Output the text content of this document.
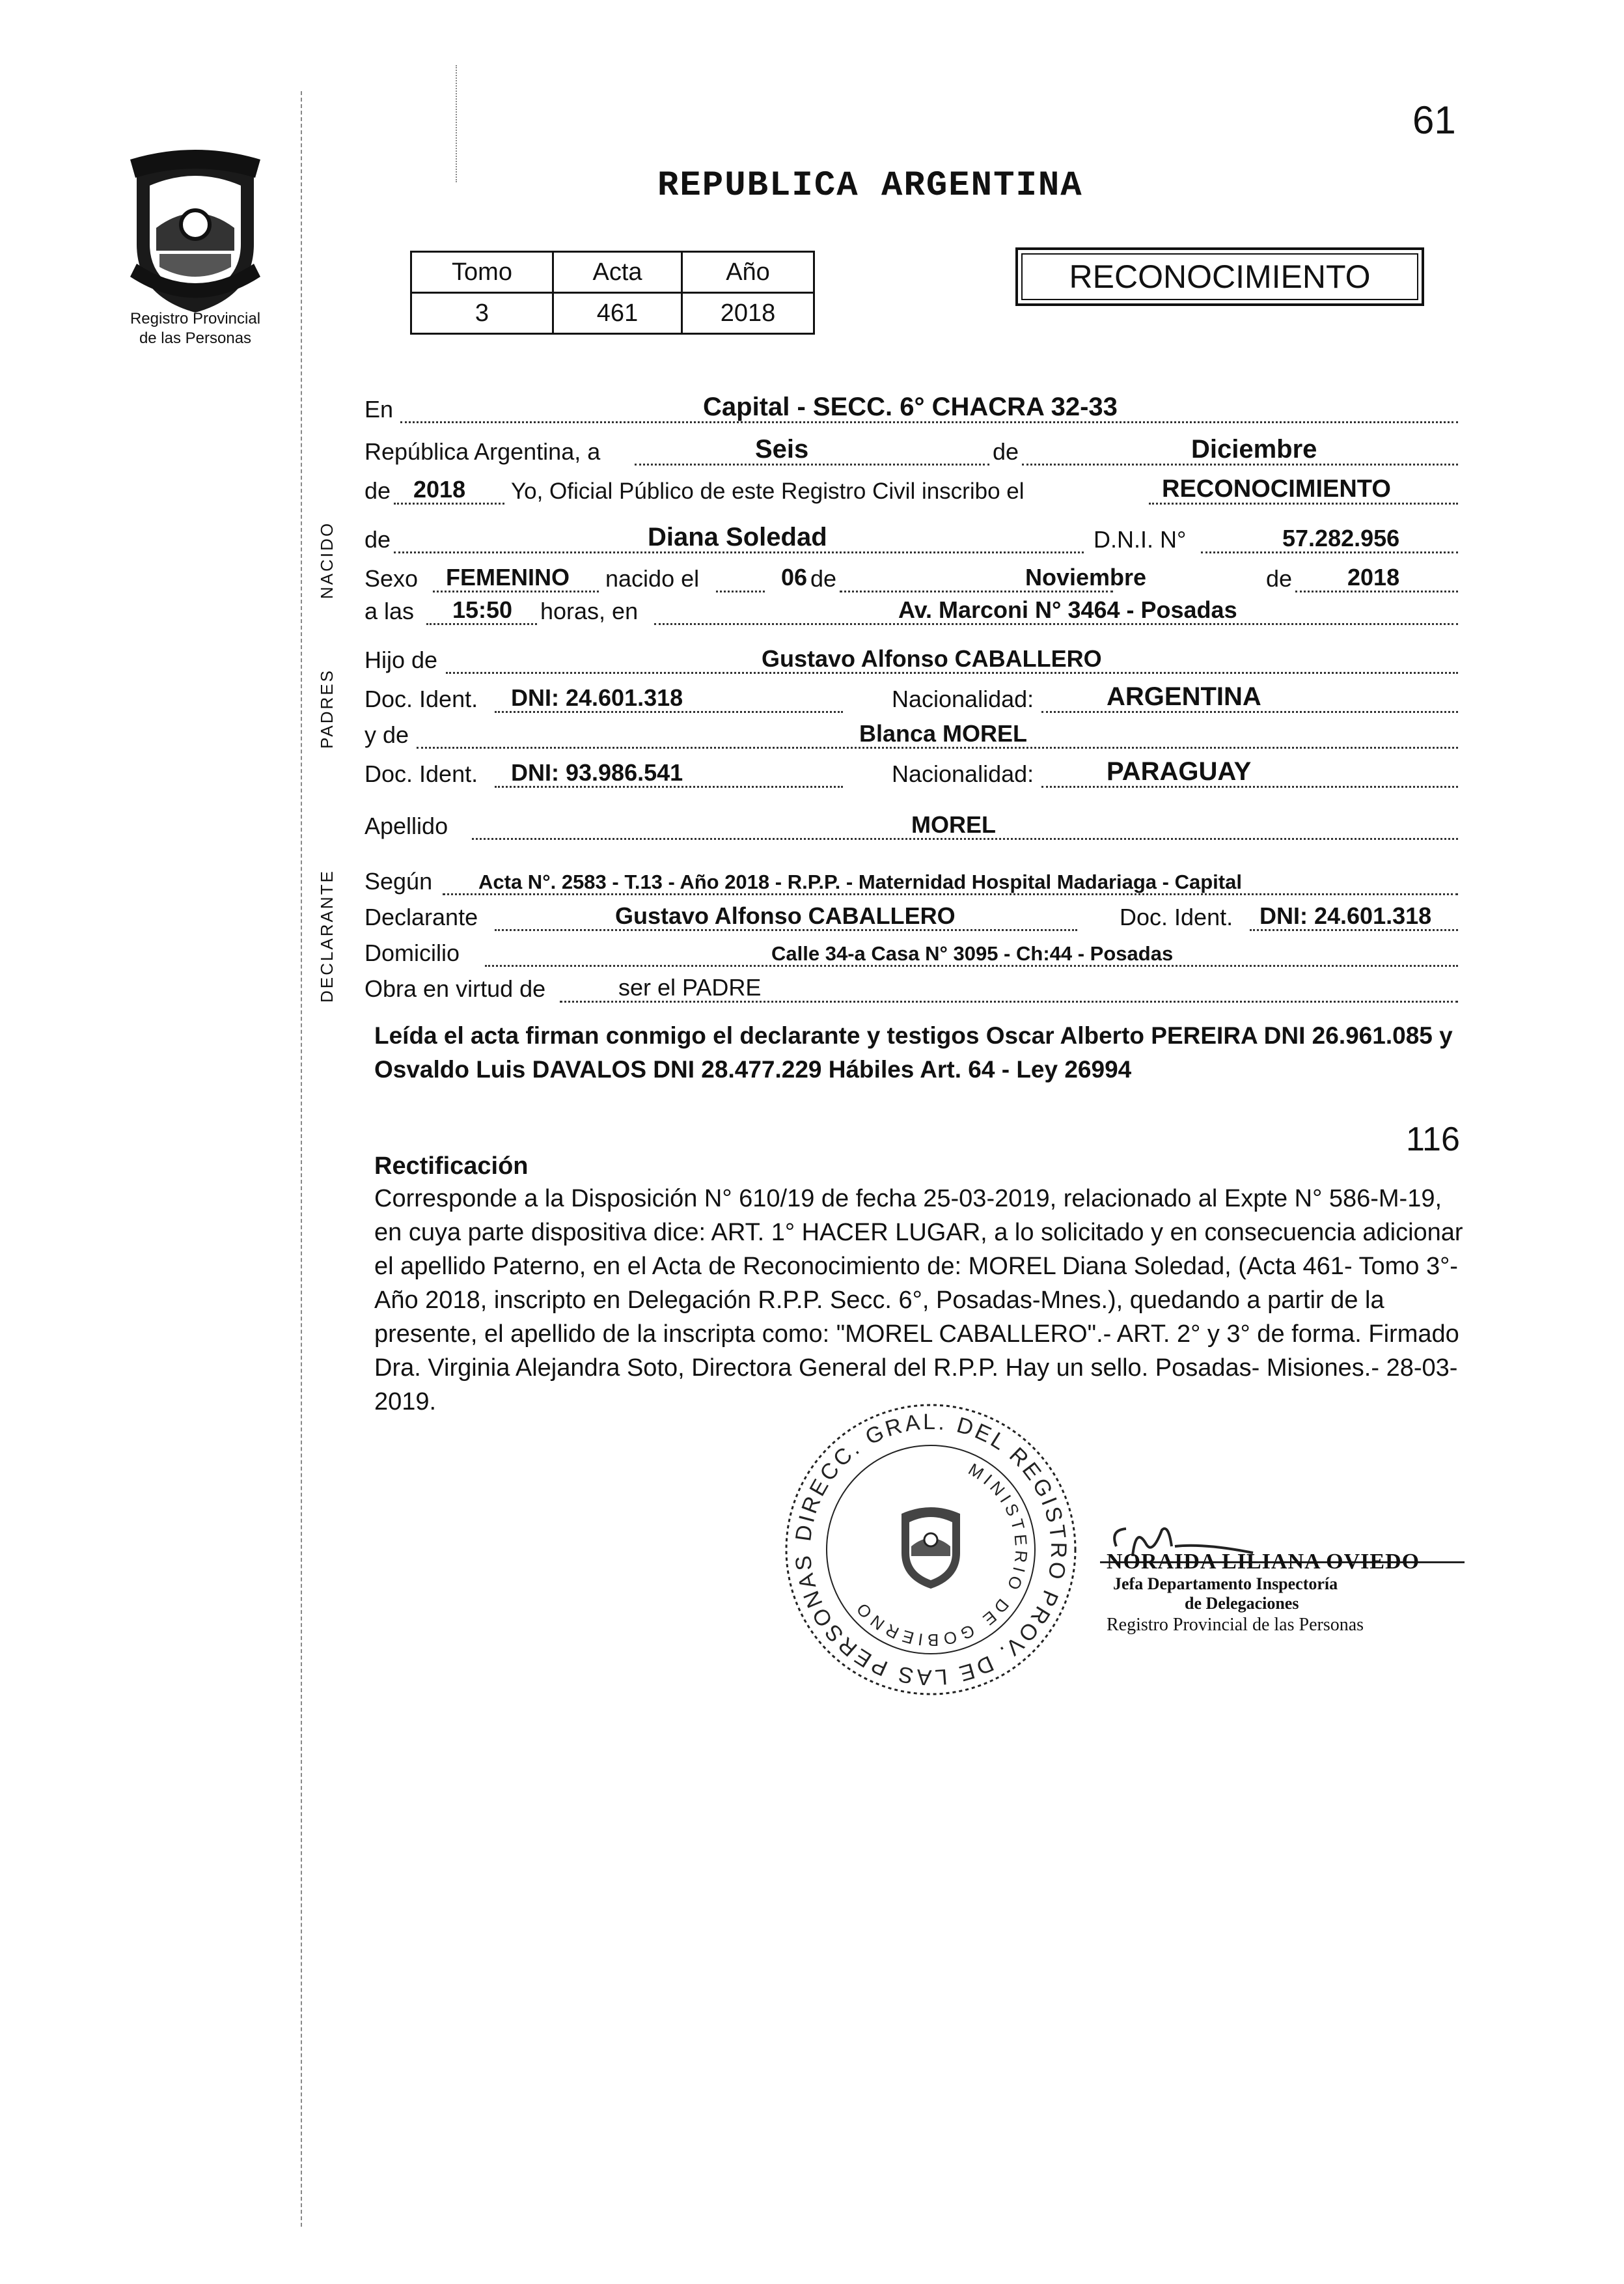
Registro Provincial
de las Personas
61
REPUBLICA ARGENTINA
Tomo	Acta	Año
3	461	2018
RECONOCIMIENTO
NACIDO
PADRES
DECLARANTE
En	Capital - SECC. 6° CHACRA 32-33
República Argentina, a	Seis	de	Diciembre
de 2018 Yo, Oficial Público de este Registro Civil inscribo el	RECONOCIMIENTO
de	Diana Soledad	D.N.I. N°	57.282.956
Sexo FEMENINO nacido el	06 de	Noviembre	de 2018
a las 15:50 horas, en	Av. Marconi N° 3464 - Posadas
Hijo de	Gustavo Alfonso CABALLERO
Doc. Ident. DNI: 24.601.318	Nacionalidad:	ARGENTINA
y de	Blanca MOREL
Doc. Ident. DNI: 93.986.541	Nacionalidad:	PARAGUAY
Apellido	MOREL
Según Acta N°. 2583 - T.13 - Año 2018 - R.P.P. - Maternidad Hospital Madariaga - Capital
Declarante	Gustavo Alfonso CABALLERO	Doc. Ident. DNI: 24.601.318
Domicilio	Calle 34-a Casa N° 3095 - Ch:44 - Posadas
Obra en virtud de	ser el PADRE
Leída el acta firman conmigo el declarante y testigos Oscar Alberto PEREIRA DNI 26.961.085 y Osvaldo Luis DAVALOS DNI 28.477.229 Hábiles Art. 64 - Ley 26994
116
Rectificación
Corresponde a la Disposición N° 610/19 de fecha 25-03-2019, relacionado al Expte N° 586-M-19, en cuya parte dispositiva dice: ART. 1° HACER LUGAR, a lo solicitado y en consecuencia adicionar el apellido Paterno, en el Acta de Reconocimiento de: MOREL Diana Soledad, (Acta 461- Tomo 3°- Año 2018, inscripto en Delegación R.P.P. Secc. 6°, Posadas-Mnes.), quedando a partir de la presente, el apellido de la inscripta como: "MOREL CABALLERO".- ART. 2° y 3° de forma. Firmado Dra. Virginia Alejandra Soto, Directora General del R.P.P. Hay un sello. Posadas- Misiones.- 28-03-2019.
DIRECC. GRAL. DEL REGISTRO PROV. DE LAS PERSONAS
MINISTERIO DE GOBIERNO
NORAIDA LILIANA OVIEDO
Jefa Departamento Inspectoría
de Delegaciones
Registro Provincial de las Personas
